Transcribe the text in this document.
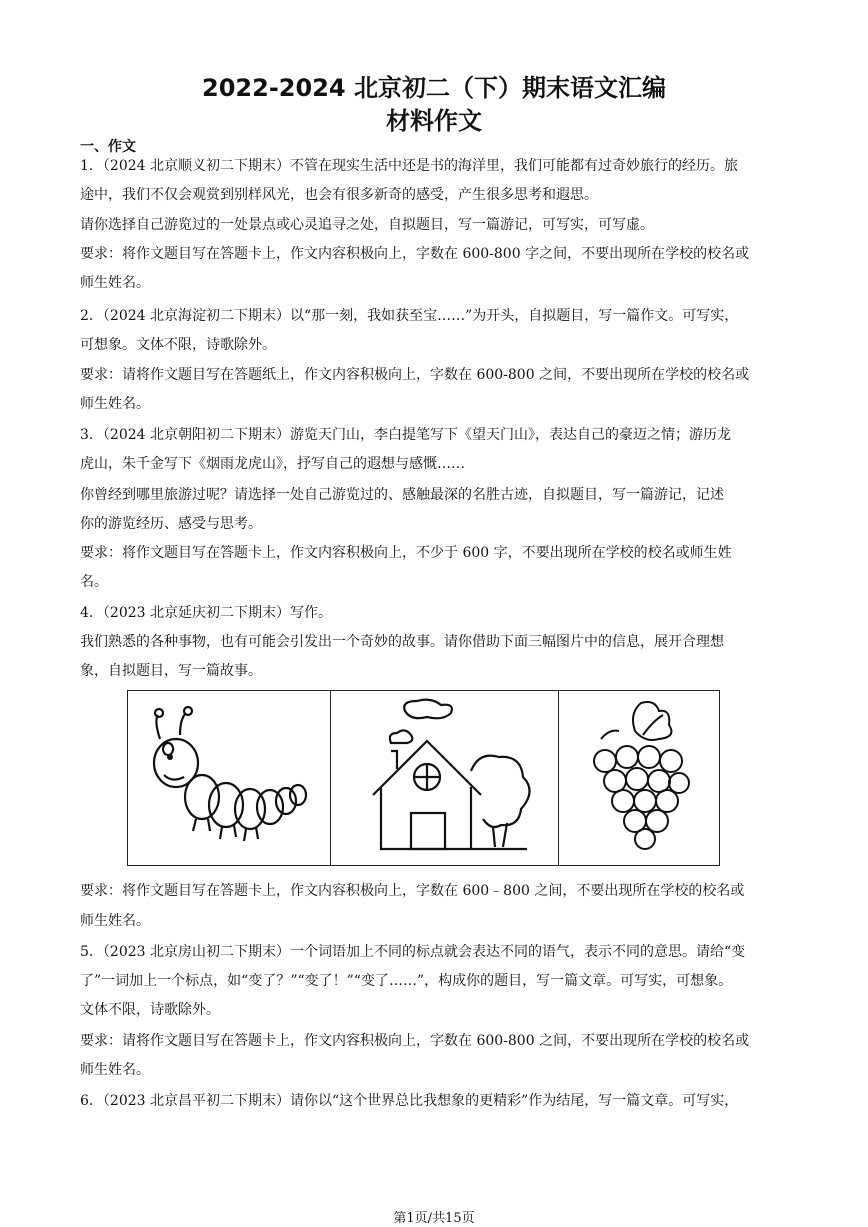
2022-2024 北京初二（下）期末语文汇编
材料作文
一、作文
1．（2024 北京顺义初二下期末）不管在现实生活中还是书的海洋里，我们可能都有过奇妙旅行的经历。旅
途中，我们不仅会观赏到别样风光，也会有很多新奇的感受，产生很多思考和遐思。
请你选择自己游览过的一处景点或心灵追寻之处，自拟题目，写一篇游记，可写实，可写虚。
要求：将作文题目写在答题卡上，作文内容积极向上，字数在 600-800 字之间，不要出现所在学校的校名或
师生姓名。
2．（2024 北京海淀初二下期末）以“那一刻，我如获至宝……”为开头，自拟题目，写一篇作文。可写实，
可想象。文体不限，诗歌除外。
要求：请将作文题目写在答题纸上，作文内容积极向上，字数在 600-800 之间，不要出现所在学校的校名或
师生姓名。
3．（2024 北京朝阳初二下期末）游览天门山，李白提笔写下《望天门山》，表达自己的豪迈之情；游历龙
虎山，朱千金写下《烟雨龙虎山》，抒写自己的遐想与感慨……
你曾经到哪里旅游过呢？请选择一处自己游览过的、感触最深的名胜古迹，自拟题目，写一篇游记，记述
你的游览经历、感受与思考。
要求：将作文题目写在答题卡上，作文内容积极向上，不少于 600 字，不要出现所在学校的校名或师生姓
名。
4．（2023 北京延庆初二下期末）写作。
我们熟悉的各种事物，也有可能会引发出一个奇妙的故事。请你借助下面三幅图片中的信息，展开合理想
象，自拟题目，写一篇故事。
要求：将作文题目写在答题卡上，作文内容积极向上，字数在 600﹣800 之间，不要出现所在学校的校名或
师生姓名。
5．（2023 北京房山初二下期末）一个词语加上不同的标点就会表达不同的语气，表示不同的意思。请给“变
了”一词加上一个标点，如“变了？”“变了！”“变了……”，构成你的题目，写一篇文章。可写实，可想象。
文体不限，诗歌除外。
要求：请将作文题目写在答题卡上，作文内容积极向上，字数在 600-800 之间，不要出现所在学校的校名或
师生姓名。
6．（2023 北京昌平初二下期末）请你以“这个世界总比我想象的更精彩”作为结尾，写一篇文章。可写实，
第1页/共15页
